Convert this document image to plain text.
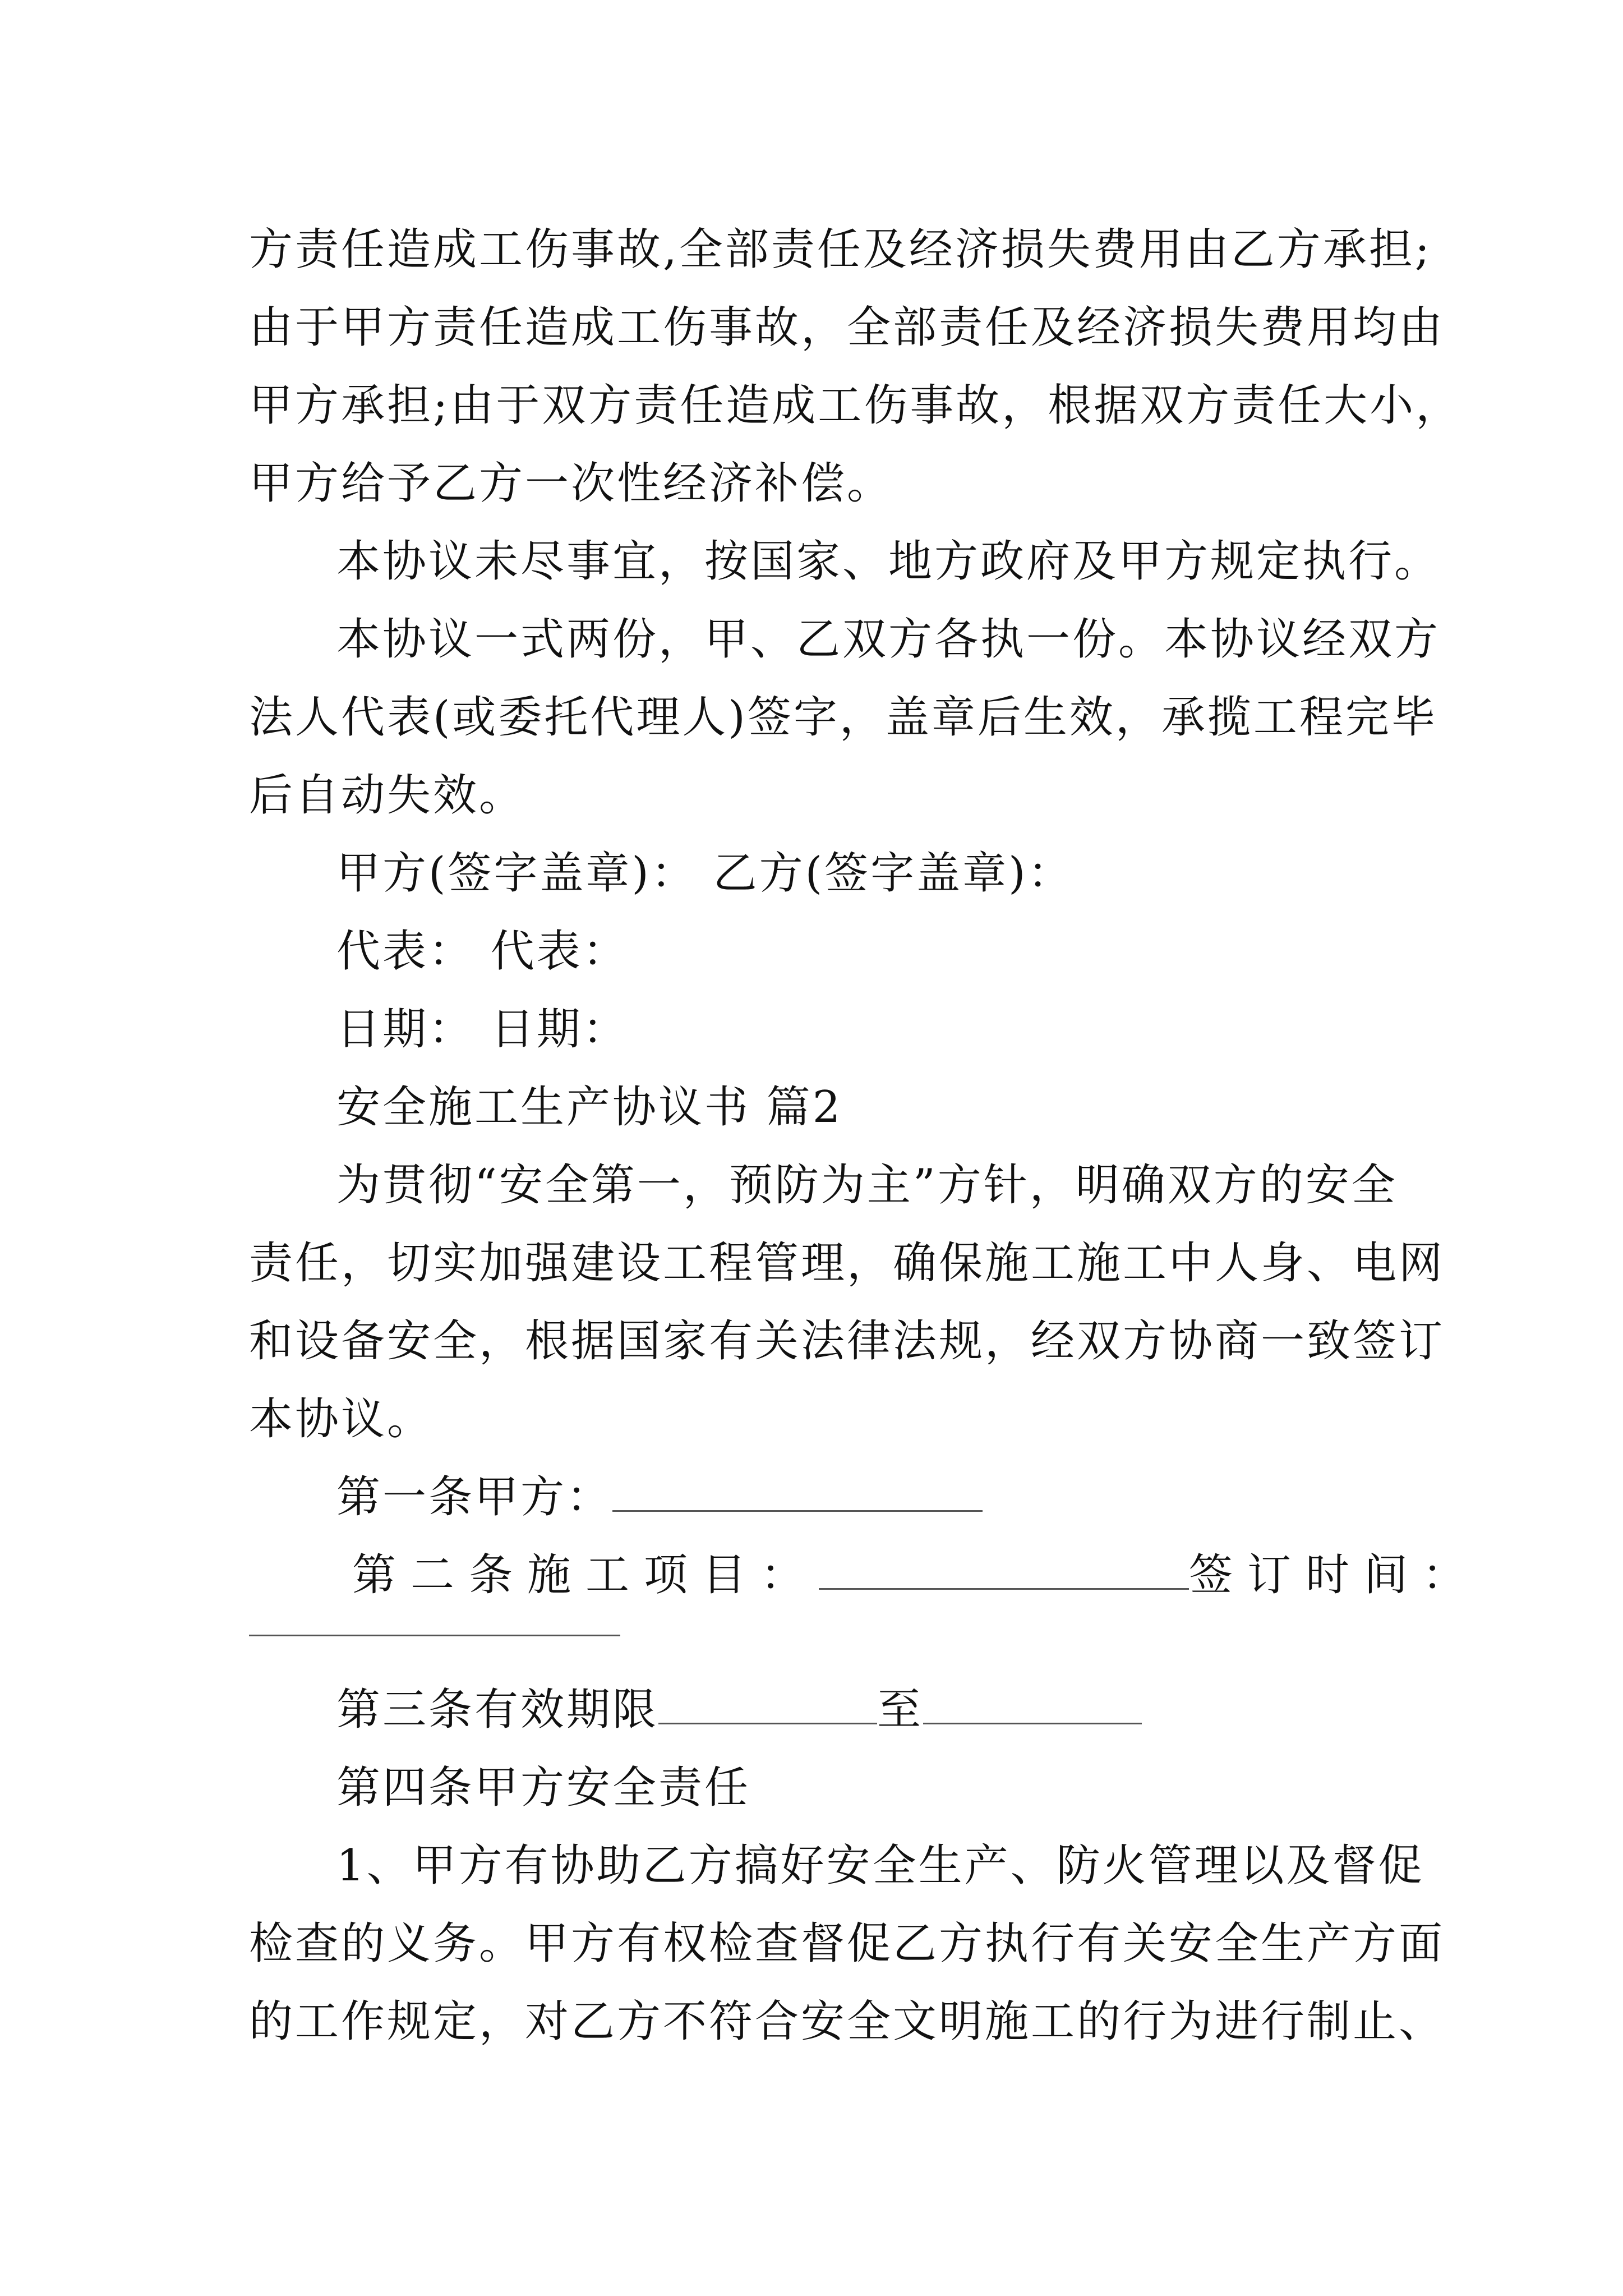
方责任造成工伤事故,全部责任及经济损失费用由乙方承担;
由于甲方责任造成工伤事故，全部责任及经济损失费用均由
甲方承担;由于双方责任造成工伤事故，根据双方责任大小，
甲方给予乙方一次性经济补偿。
本协议未尽事宜，按国家、地方政府及甲方规定执行。
本协议一式两份，甲、乙双方各执一份。本协议经双方
法人代表(或委托代理人)签字，盖章后生效，承揽工程完毕
后自动失效。
甲方(签字盖章)： 乙方(签字盖章)：
代表： 代表：
日期： 日期：
安全施工生产协议书 篇2
为贯彻“安全第一，预防为主”方针，明确双方的安全
责任，切实加强建设工程管理，确保施工施工中人身、电网
和设备安全，根据国家有关法律法规，经双方协商一致签订
本协议。
第一条甲方：
第二条施工项目：	签订时间：
第三条有效期限	至
第四条甲方安全责任
1、甲方有协助乙方搞好安全生产、防火管理以及督促
检查的义务。甲方有权检查督促乙方执行有关安全生产方面
的工作规定，对乙方不符合安全文明施工的行为进行制止、
